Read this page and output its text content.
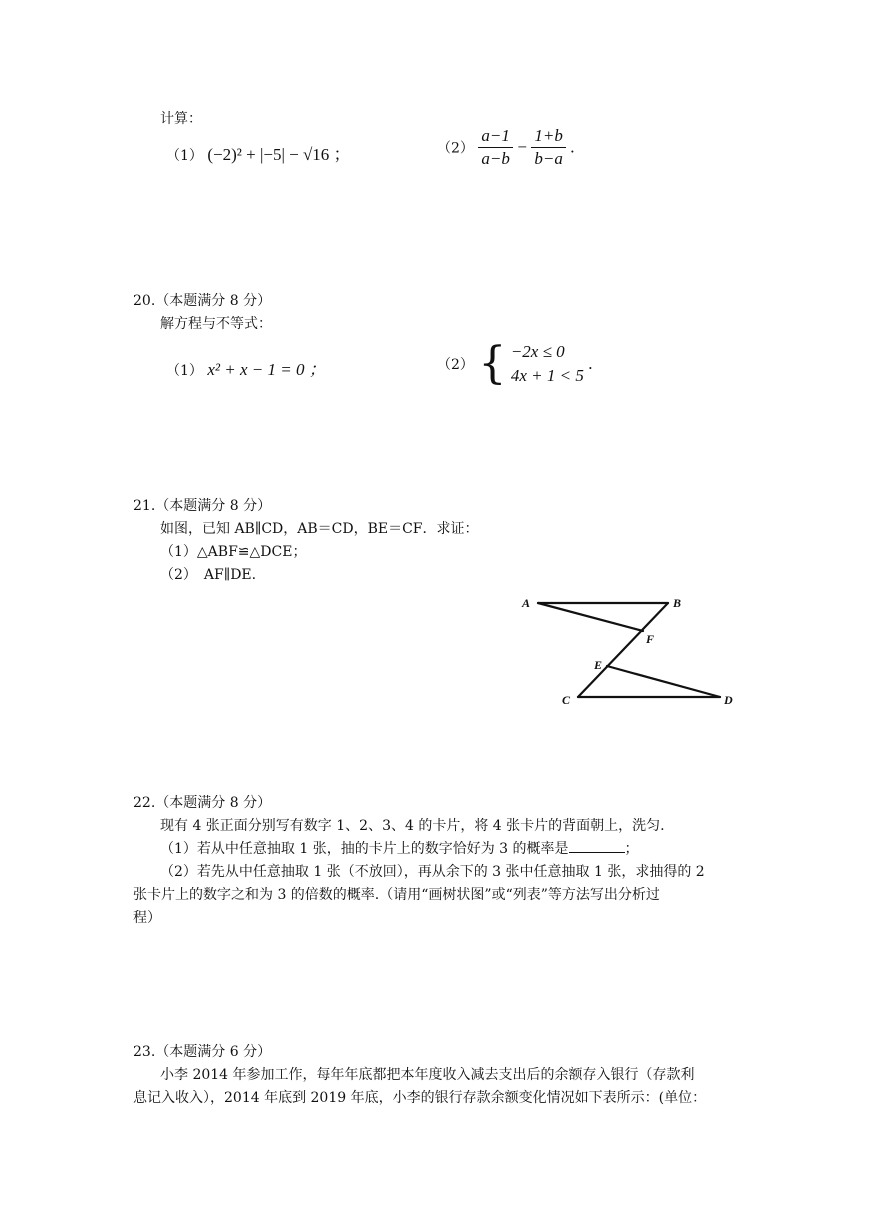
计算：
（1） (−2)² + |−5| − √16 ；	$(2) \frac{a-1}{a-b} - \frac{1+b}{b-a}$ .
20.（本题满分 8 分）
解方程与不等式：
（1） x² + x − 1 = 0 ；	（2） { −2x ≤ 0
4x + 1 < 5
.
21.（本题满分 8 分）
如图，已知 AB∥CD，AB＝CD，BE＝CF．求证：
（1）△ABF≌△DCE；
（2）　AF∥DE.
A	B
F
E
C	D
22.（本题满分 8 分）
现有 4 张正面分别写有数字 1、2、3、4 的卡片，将 4 张卡片的背面朝上，洗匀.
（1）若从中任意抽取 1 张，抽的卡片上的数字恰好为 3 的概率是	；
（2）若先从中任意抽取 1 张（不放回），再从余下的 3 张中任意抽取 1 张，求抽得的 2
张卡片上的数字之和为 3 的倍数的概率.（请用“画树状图”或“列表”等方法写出分析过
程）
23.（本题满分 6 分）
小李 2014 年参加工作，每年年底都把本年度收入减去支出后的余额存入银行（存款利
息记入收入），2014 年底到 2019 年底，小李的银行存款余额变化情况如下表所示：(单位：
